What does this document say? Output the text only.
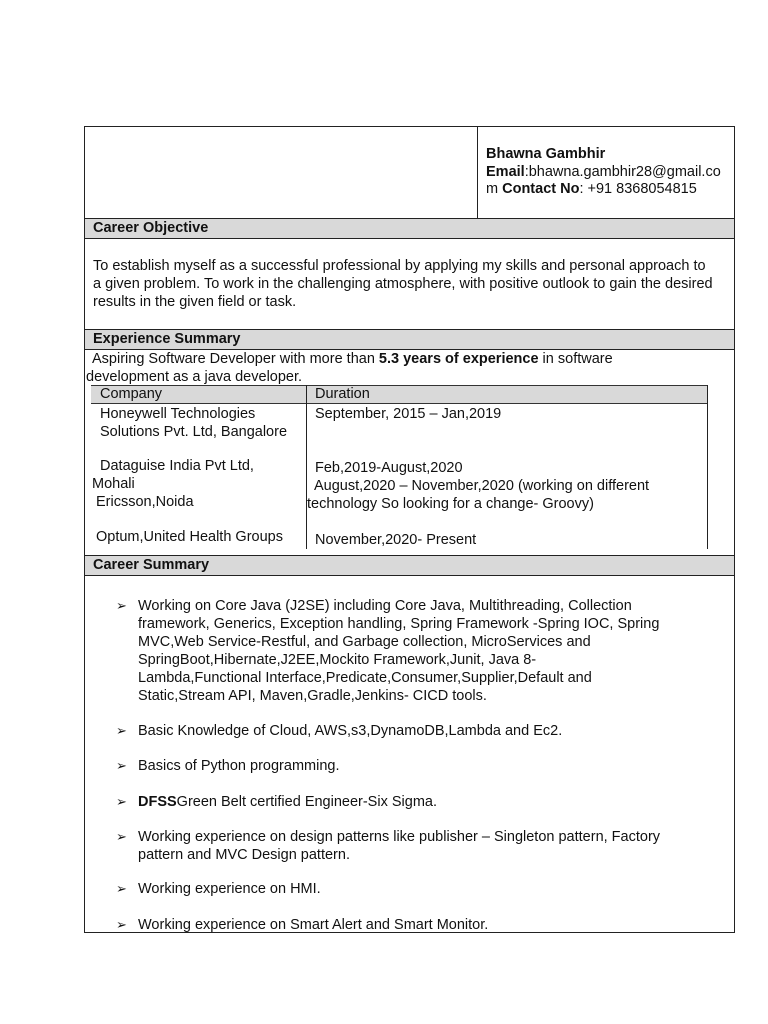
Bhawna Gambhir
Email:bhawna.gambhir28@gmail.co
m Contact No: +91 8368054815
Career Objective
To establish myself as a successful professional by applying my skills and personal approach to
a given problem. To work in the challenging atmosphere, with positive outlook to gain the desired
results in the given field or task.
Experience Summary
Aspiring Software Developer with more than 5.3 years of experience in software
development as a java developer.
Company	Duration
Honeywell Technologies
Solutions Pvt. Ltd, Bangalore
September, 2015 – Jan,2019
Dataguise India Pvt Ltd,
Mohali
Feb,2019-August,2020
Ericsson,Noida
August,2020 – November,2020 (working on different
technology So looking for a change- Groovy)
Optum,United Health Groups November,2020- Present
Career Summary
➢ Working on Core Java (J2SE) including Core Java, Multithreading, Collection
framework, Generics, Exception handling, Spring Framework -Spring IOC, Spring
MVC,Web Service-Restful, and Garbage collection, MicroServices and
SpringBoot,Hibernate,J2EE,Mockito Framework,Junit, Java 8-
Lambda,Functional Interface,Predicate,Consumer,Supplier,Default and
Static,Stream API, Maven,Gradle,Jenkins- CICD tools.
➢ Basic Knowledge of Cloud, AWS,s3,DynamoDB,Lambda and Ec2.
➢ Basics of Python programming.
➢ DFSSGreen Belt certified Engineer-Six Sigma.
➢ Working experience on design patterns like publisher – Singleton pattern, Factory
pattern and MVC Design pattern.
➢ Working experience on HMI.
➢ Working experience on Smart Alert and Smart Monitor.
